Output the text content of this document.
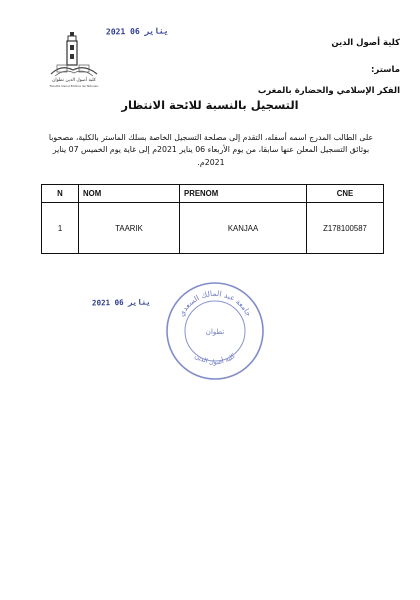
كلية أصول الدين
ماستر:
الفكر الإسلامي والحضارة بالمغرب
كلية أصول الدين تطوان
Faculté Osoul Eddine de Tétouan
2021 يناير 06
التسجيل بالنسبة للائحة الانتظار
على الطالب المدرج اسمه أسفله، التقدم إلى مصلحة التسجيل الخاصة بسلك الماستر بالكلية، مصحوبا بوثائق التسجيل المعلن عنها سابقا، من يوم الأربعاء 06 يناير 2021م إلى غاية يوم الخميس 07 يناير 2021م.
N	NOM	PRENOM	CNE
1	TAARIK	KANJAA	Z178100587
2021 يناير 06
جامعة عبد المالك السعدي
تطوان
كلية أصول الدين
